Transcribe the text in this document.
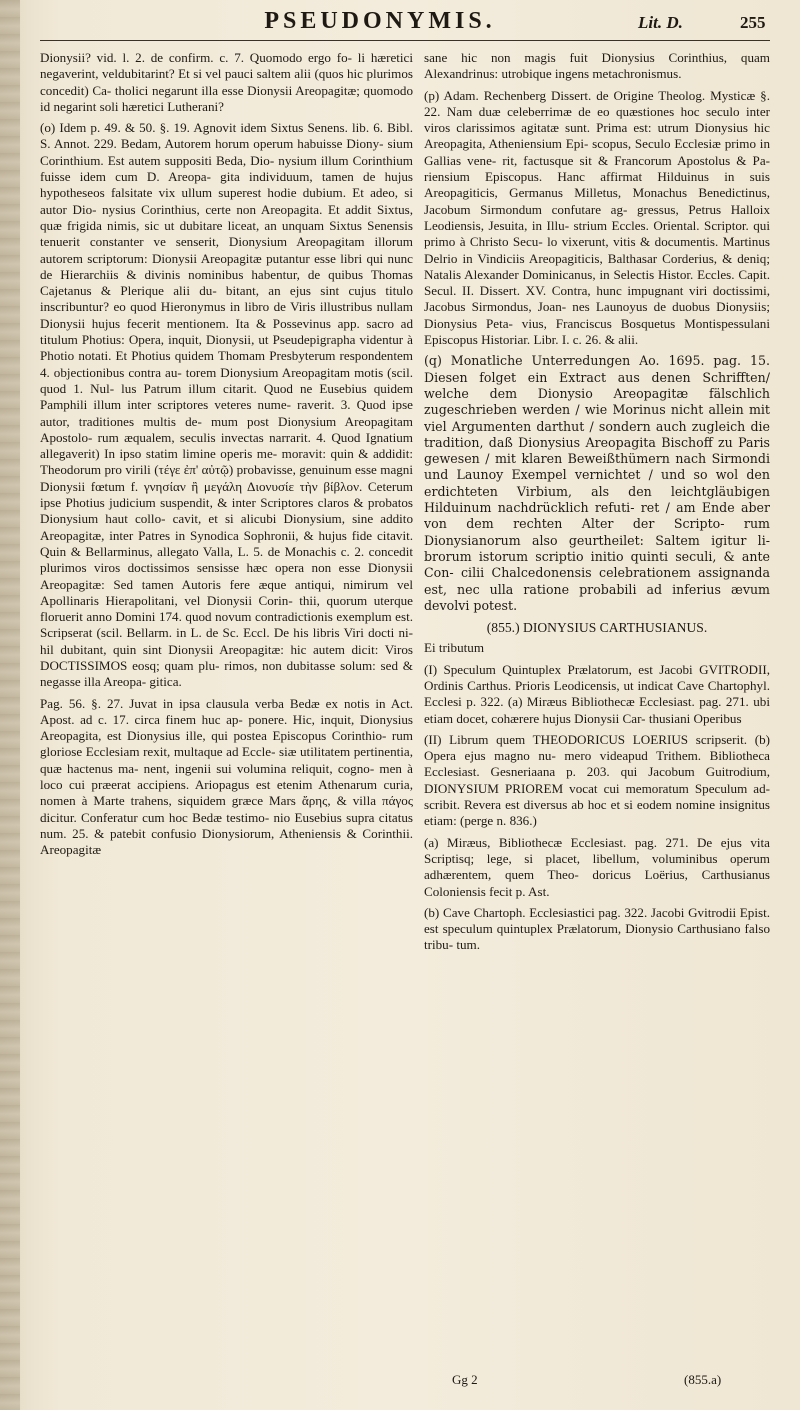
PSEUDONYMIS.	Lit. D.	255

Dionysii? vid. l. 2. de confirm. c. 7. Quomodo ergo fo- li hæretici negaverint, veldubitarint? Et si vel pauci saltem alii (quos hic plurimos concedit) Ca- tholici negarunt illa esse Dionysii Areopagitæ; quomodo id negarint soli hæretici Lutherani?

(o) Idem p. 49. & 50. §. 19. Agnovit idem Sixtus Senens. lib. 6. Bibl. S. Annot. 229. Bedam, Autorem horum operum habuisse Diony- sium Corinthium. Est autem suppositi Beda, Dio- nysium illum Corinthium fuisse idem cum D. Areopa- gita individuum, tamen de hujus hypotheseos falsitate vix ullum superest hodie dubium. Et adeo, si autor Dio- nysius Corinthius, certe non Areopagita. Et addit Sixtus, quæ frigida nimis, sic ut dubitare liceat, an unquam Sixtus Senensis tenuerit constanter ve senserit, Dionysium Areopagitam illorum autorem scriptorum: Dionysii Areopagitæ putantur esse libri qui nunc de Hierarchiis & divinis nominibus habentur, de quibus Thomas Cajetanus & Plerique alii du- bitant, an ejus sint cujus titulo inscribuntur? eo quod Hieronymus in libro de Viris illustribus nullam Dionysii hujus fecerit mentionem. Ita & Possevinus app. sacro ad titulum Photius: Opera, inquit, Dionysii, ut Pseudepigrapha videntur à Photio notati. Et Photius quidem Thomam Presbyterum respondentem 4. objectionibus contra au- torem Dionysium Areopagitam motis (scil. quod 1. Nul- lus Patrum illum citarit. Quod ne Eusebius quidem Pamphili illum inter scriptores veteres nume- raverit. 3. Quod ipse autor, traditiones multis de- mum post Dionysium Areopagitam Apostolo- rum æqualem, seculis invectas narrarit. 4. Quod Ignatium allegaverit) In ipso statim limine operis me- moravit: quin & addidit: Theodorum pro virili (τέγε ἐπ' αὐτῷ) probavisse, genuinum esse magni Dionysii fœtum f. γνησίαν ἢ μεγάλη Διονυσίε τὴν βίβλον. Ceterum ipse Photius judicium suspendit, & inter Scriptores claros & probatos Dionysium haut collo- cavit, et si alicubi Dionysium, sine addito Areopagitæ, inter Patres in Synodica Sophronii, & hujus fide citavit. Quin & Bellarminus, allegato Valla, L. 5. de Monachis c. 2. concedit plurimos viros doctissimos sensisse hæc opera non esse Dionysii Areopagitæ: Sed tamen Autoris fere æque antiqui, nimirum vel Apollinaris Hierapolitani, vel Dionysii Corin- thii, quorum uterque floruerit anno Domini 174. quod novum contradictionis exemplum est. Scripserat (scil. Bellarm. in L. de Sc. Eccl. De his libris Viri docti ni- hil dubitant, quin sint Dionysii Areopagitæ: hic autem dicit: Viros DOCTISSIMOS eosq; quam plu- rimos, non dubitasse solum: sed & negasse illa Areopa- gitica.

Pag. 56. §. 27. Juvat in ipsa clausula verba Bedæ ex notis in Act. Apost. ad c. 17. circa finem huc ap- ponere. Hic, inquit, Dionysius Areopagita, est Dionysius ille, qui postea Episcopus Corinthio- rum gloriose Ecclesiam rexit, multaque ad Eccle- siæ utilitatem pertinentia, quæ hactenus ma- nent, ingenii sui volumina reliquit, cogno- men à loco cui præerat accipiens. Ariopagus est etenim Athenarum curia, nomen à Marte trahens, siquidem græce Mars ἄρης, & villa πάγος dicitur. Conferatur cum hoc Bedæ testimo- nio Eusebius supra citatus num. 25. & patebit confusio Dionysiorum, Atheniensis & Corinthii. Areopagitæ

sane hic non magis fuit Dionysius Corinthius, quam Alexandrinus: utrobique ingens metachronismus.

(p) Adam. Rechenberg Dissert. de Origine Theolog. Mysticæ §. 22. Nam duæ celeberrimæ de eo quæstiones hoc seculo inter viros clarissimos agitatæ sunt. Prima est: utrum Dionysius hic Areopagita, Atheniensium Epi- scopus, Seculo Ecclesiæ primo in Gallias vene- rit, factusque sit & Francorum Apostolus & Pa- riensium Episcopus. Hanc affirmat Hilduinus in suis Areopagiticis, Germanus Milletus, Monachus Benedictinus, Jacobum Sirmondum confutare ag- gressus, Petrus Halloix Leodiensis, Jesuita, in Illu- strium Eccles. Oriental. Scriptor. qui primo à Christo Secu- lo vixerunt, vitis & documentis. Martinus Delrio in Vindiciis Areopagiticis, Balthasar Corderius, & deniq; Natalis Alexander Dominicanus, in Selectis Histor. Eccles. Capit. Secul. II. Dissert. XV. Contra, hunc impugnant viri doctissimi, Jacobus Sirmondus, Joan- nes Launoyus de duobus Dionysiis; Dionysius Peta- vius, Franciscus Bosquetus Montispessulani Episcopus Historiar. Libr. I. c. 26. & alii.

(q) Monatliche Unterredungen Ao. 1695. pag. 15. Diesen folget ein Extract aus denen Schrifften/ welche dem Dionysio Areopagitæ fälschlich zugeschrieben werden / wie Morinus nicht allein mit viel Argumenten darthut / sondern auch zugleich die tradition, daß Dionysius Areopagita Bischoff zu Paris gewesen / mit klaren Beweißthümern nach Sirmondi und Launoy Exempel vernichtet / und so wol den erdichteten Virbium, als den leichtgläubigen Hilduinum nachdrücklich refuti- ret / am Ende aber von dem rechten Alter der Scripto- rum Dionysianorum also geurtheilet: Saltem igitur li- brorum istorum scriptio initio quinti seculi, & ante Con- cilii Chalcedonensis celebrationem assignanda est, nec ulla ratione probabili ad inferius ævum devolvi potest.

(855.) DIONYSIUS CARTHUSIANUS.

Ei tributum

(I) Speculum Quintuplex Prælatorum, est Jacobi GVITRODII, Ordinis Carthus. Prioris Leodicensis, ut indicat Cave Chartophyl. Ecclesi p. 322. (a) Miræus Bibliothecæ Ecclesiast. pag. 271. ubi etiam docet, cohærere hujus Dionysii Car- thusiani Operibus

(II) Librum quem THEODORICUS LOERIUS scripserit. (b) Opera ejus magno nu- mero videapud Trithem. Bibliotheca Ecclesiast. Gesneriaana p. 203. qui Jacobum Guitrodium, DIONYSIUM PRIOREM vocat cui memoratum Speculum ad- scribit. Revera est diversus ab hoc et si eodem nomine insignitus etiam: (perge n. 836.)

(a) Miræus, Bibliothecæ Ecclesiast. pag. 271. De ejus vita Scriptisq; lege, si placet, libellum, voluminibus operum adhærentem, quem Theo- doricus Loërius, Carthusianus Coloniensis fecit p. Ast.

(b) Cave Chartoph. Ecclesiastici pag. 322. Jacobi Gvitrodii Epist. est speculum quintuplex Prælatorum, Dionysio Carthusiano falso tribu- tum.

Gg 2	(855.a)
